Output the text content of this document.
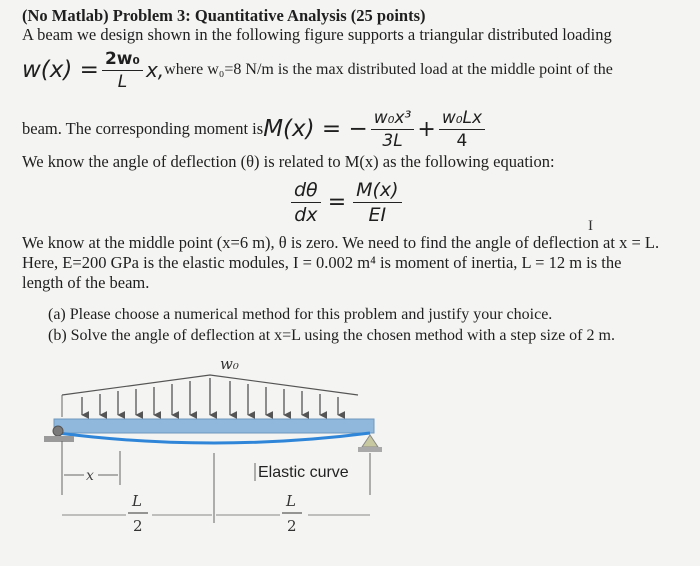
(No Matlab) Problem 3: Quantitative Analysis (25 points)
A beam we design shown in the following figure supports a triangular distributed loading
$w(x) = \frac{\text{2w₀}}{L} x$, where w₀=8 N/m is the max distributed load at the middle point of the
beam. The corresponding moment is M(x) = − $\frac{\text{w₀x³}}{3L} + \frac{\text{w₀Lx}}{4}$
We know the angle of deflection (θ) is related to M(x) as the following equation:
$\frac{d\theta}{dx} = \frac{M(x)}{EI}$
We know at the middle point (x=6 m), θ is zero. We need to find the angle of deflection at x = L.
Here, E=200 GPa is the elastic modules, I = 0.002 m⁴ is moment of inertia, L = 12 m is the
length of the beam.
(a) Please choose a numerical method for this problem and justify your choice.
(b) Solve the angle of deflection at x=L using the chosen method with a step size of 2 m.
I
w₀
x	Elastic curve
L
2
L
2
